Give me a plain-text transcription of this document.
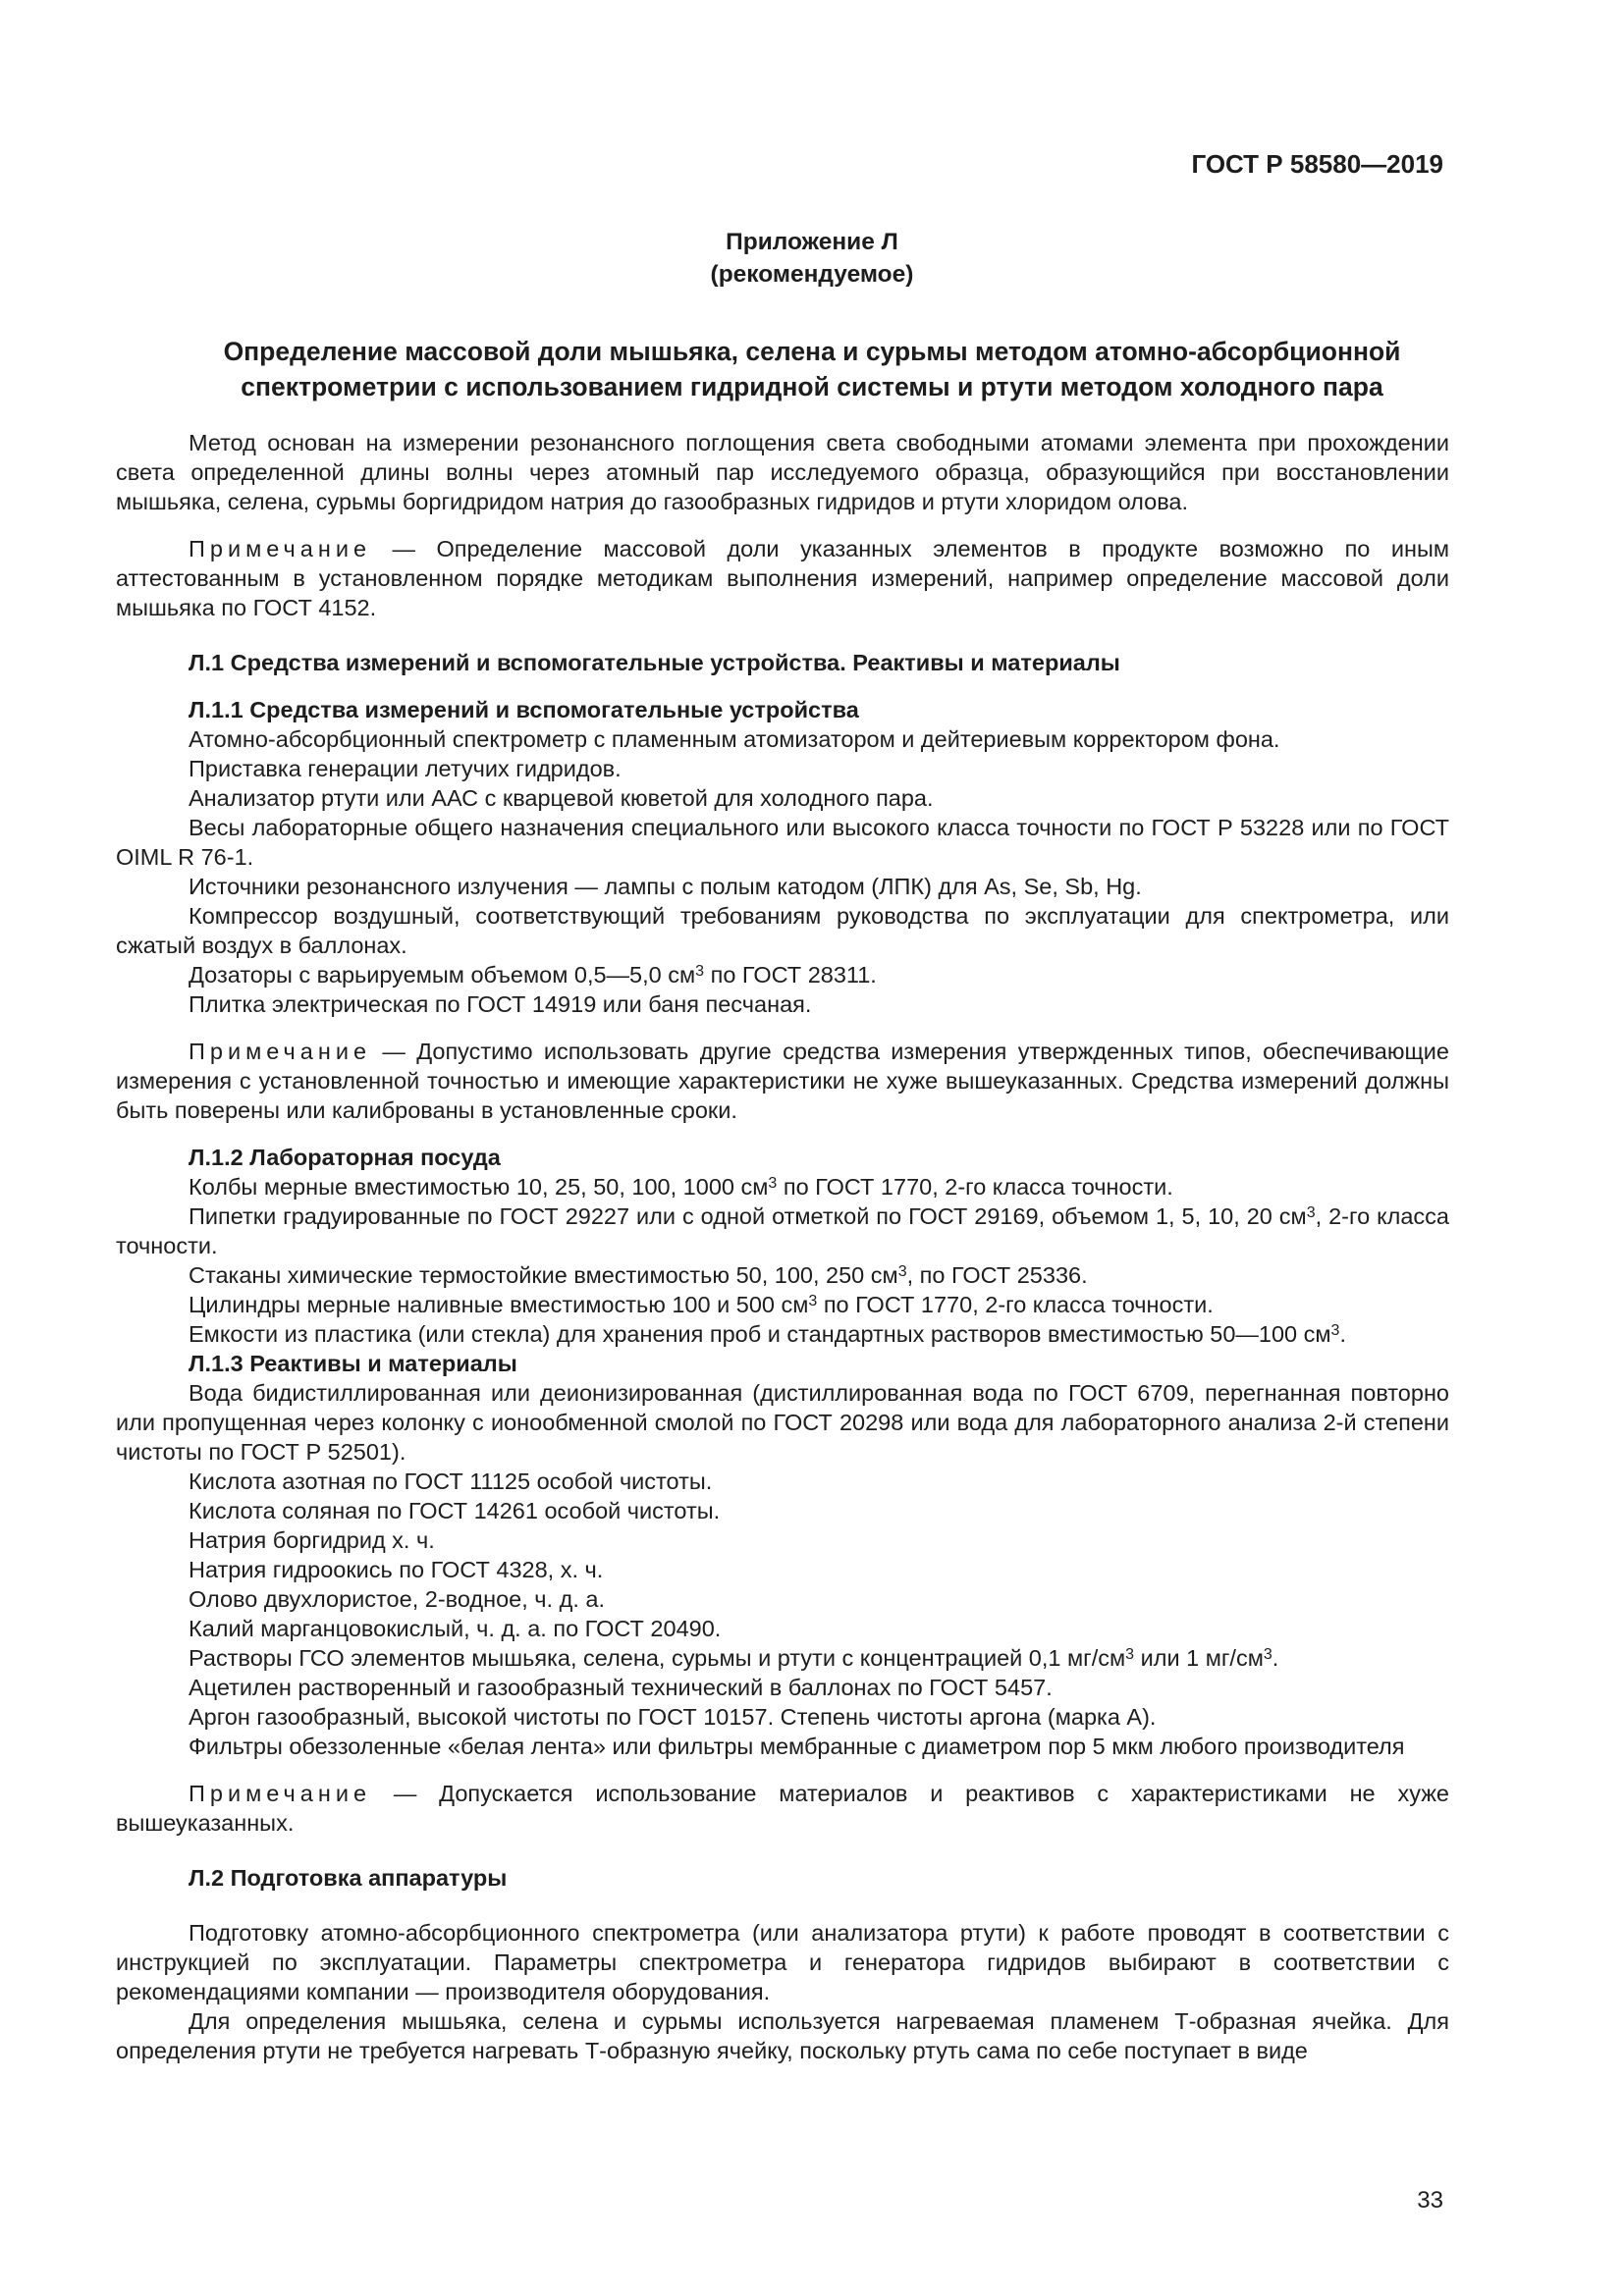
ГОСТ Р 58580—2019
Приложение Л
(рекомендуемое)
Определение массовой доли мышьяка, селена и сурьмы методом атомно-абсорбционной
спектрометрии с использованием гидридной системы и ртути методом холодного пара

Метод основан на измерении резонансного поглощения света свободными атомами элемента при прохождении света определенной длины волны через атомный пар исследуемого образца, образующийся при восстановлении мышьяка, селена, сурьмы боргидридом натрия до газообразных гидридов и ртути хлоридом олова.

Примечание — Определение массовой доли указанных элементов в продукте возможно по иным аттестованным в установленном порядке методикам выполнения измерений, например определение массовой доли мышьяка по ГОСТ 4152.

Л.1 Средства измерений и вспомогательные устройства. Реактивы и материалы

Л.1.1 Средства измерений и вспомогательные устройства

Атомно-абсорбционный спектрометр с пламенным атомизатором и дейтериевым корректором фона.

Приставка генерации летучих гидридов.

Анализатор ртути или ААС с кварцевой кюветой для холодного пара.

Весы лабораторные общего назначения специального или высокого класса точности по ГОСТ Р 53228 или по ГОСТ OIML R 76-1.

Источники резонансного излучения — лампы с полым катодом (ЛПК) для As, Se, Sb, Hg.

Компрессор воздушный, соответствующий требованиям руководства по эксплуатации для спектрометра, или сжатый воздух в баллонах.

Дозаторы с варьируемым объемом 0,5—5,0 $см^3$ по ГОСТ 28311.

Плитка электрическая по ГОСТ 14919 или баня песчаная.

Примечание — Допустимо использовать другие средства измерения утвержденных типов, обеспечивающие измерения с установленной точностью и имеющие характеристики не хуже вышеуказанных. Средства измерений должны быть поверены или калиброваны в установленные сроки.

Л.1.2 Лабораторная посуда

Колбы мерные вместимостью 10, 25, 50, 100, 1000 $см^3$ по ГОСТ 1770, 2-го класса точности.

Пипетки градуированные по ГОСТ 29227 или с одной отметкой по ГОСТ 29169, объемом 1, 5, 10, 20 $см^3$, 2-го класса точности.

Стаканы химические термостойкие вместимостью 50, 100, 250 $см^3$, по ГОСТ 25336.

Цилиндры мерные наливные вместимостью 100 и 500 $см^3$ по ГОСТ 1770, 2-го класса точности.

Емкости из пластика (или стекла) для хранения проб и стандартных растворов вместимостью 50—100 $см^3$.

Л.1.3 Реактивы и материалы

Вода бидистиллированная или деионизированная (дистиллированная вода по ГОСТ 6709, перегнанная повторно или пропущенная через колонку с ионообменной смолой по ГОСТ 20298 или вода для лабораторного анализа 2-й степени чистоты по ГОСТ Р 52501).

Кислота азотная по ГОСТ 11125 особой чистоты.

Кислота соляная по ГОСТ 14261 особой чистоты.

Натрия боргидрид х. ч.

Натрия гидроокись по ГОСТ 4328, х. ч.

Олово двухлористое, 2-водное, ч. д. а.

Калий марганцовокислый, ч. д. а. по ГОСТ 20490.

Растворы ГСО элементов мышьяка, селена, сурьмы и ртути с концентрацией 0,1 $мг/см^3$ или 1 $мг/см^3$.

Ацетилен растворенный и газообразный технический в баллонах по ГОСТ 5457.

Аргон газообразный, высокой чистоты по ГОСТ 10157. Степень чистоты аргона (марка А).

Фильтры обеззоленные «белая лента» или фильтры мембранные с диаметром пор 5 мкм любого производителя

Примечание — Допускается использование материалов и реактивов с характеристиками не хуже вышеуказанных.

Л.2 Подготовка аппаратуры

Подготовку атомно-абсорбционного спектрометра (или анализатора ртути) к работе проводят в соответствии с инструкцией по эксплуатации. Параметры спектрометра и генератора гидридов выбирают в соответствии с рекомендациями компании — производителя оборудования.

Для определения мышьяка, селена и сурьмы используется нагреваемая пламенем Т-образная ячейка. Для определения ртути не требуется нагревать Т-образную ячейку, поскольку ртуть сама по себе поступает в виде

33
